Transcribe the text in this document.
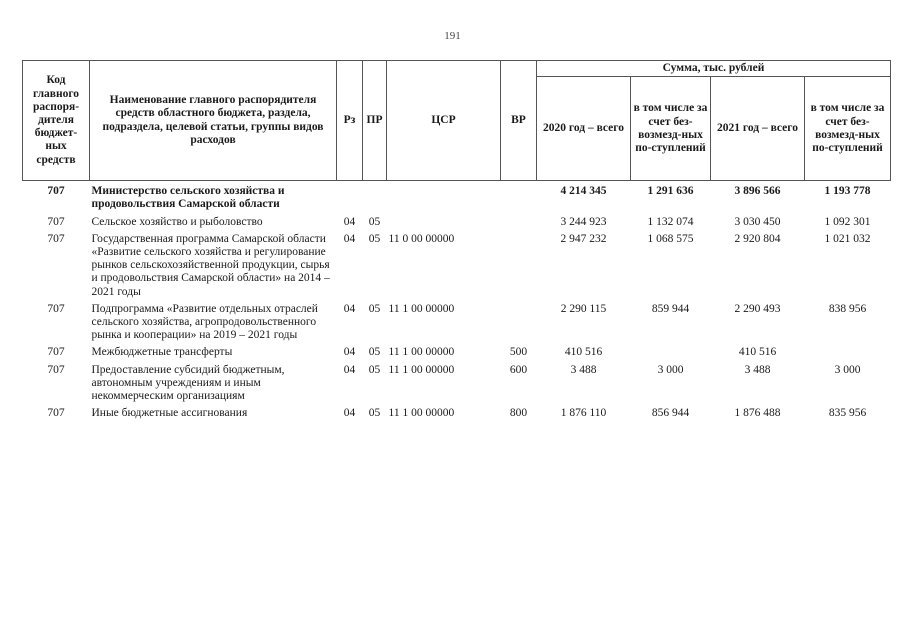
191
Код главного распоря-дителя бюджет-ных средств	Наименование главного распорядителя средств областного бюджета, раздела, подраздела, целевой статьи, группы видов расходов	Рз	ПР	ЦСР	ВР	Сумма, тыс. рублей			
						2020 год – всего	в том числе за счет без-возмезд-ных по-ступлений	2021 год – всего	в том числе за счет без-возмезд-ных по-ступлений
707	Министерство сельского хозяйства и продовольствия Самарской области					4 214 345	1 291 636	3 896 566	1 193 778
707	Сельское хозяйство и рыболовство	04	05			3 244 923	1 132 074	3 030 450	1 092 301
707	Государственная программа Самарской области «Развитие сельского хозяйства и регулирование рынков сельскохозяйственной продукции, сырья и продовольствия Самарской области» на 2014 – 2021 годы	04	05	11 0 00 00000		2 947 232	1 068 575	2 920 804	1 021 032
707	Подпрограмма «Развитие отдельных отраслей сельского хозяйства, агропродовольственного рынка и кооперации» на 2019 – 2021 годы	04	05	11 1 00 00000		2 290 115	859 944	2 290 493	838 956
707	Межбюджетные трансферты	04	05	11 1 00 00000	500	410 516		410 516	
707	Предоставление субсидий бюджетным, автономным учреждениям и иным некоммерческим организациям	04	05	11 1 00 00000	600	3 488	3 000	3 488	3 000
707	Иные бюджетные ассигнования	04	05	11 1 00 00000	800	1 876 110	856 944	1 876 488	835 956
